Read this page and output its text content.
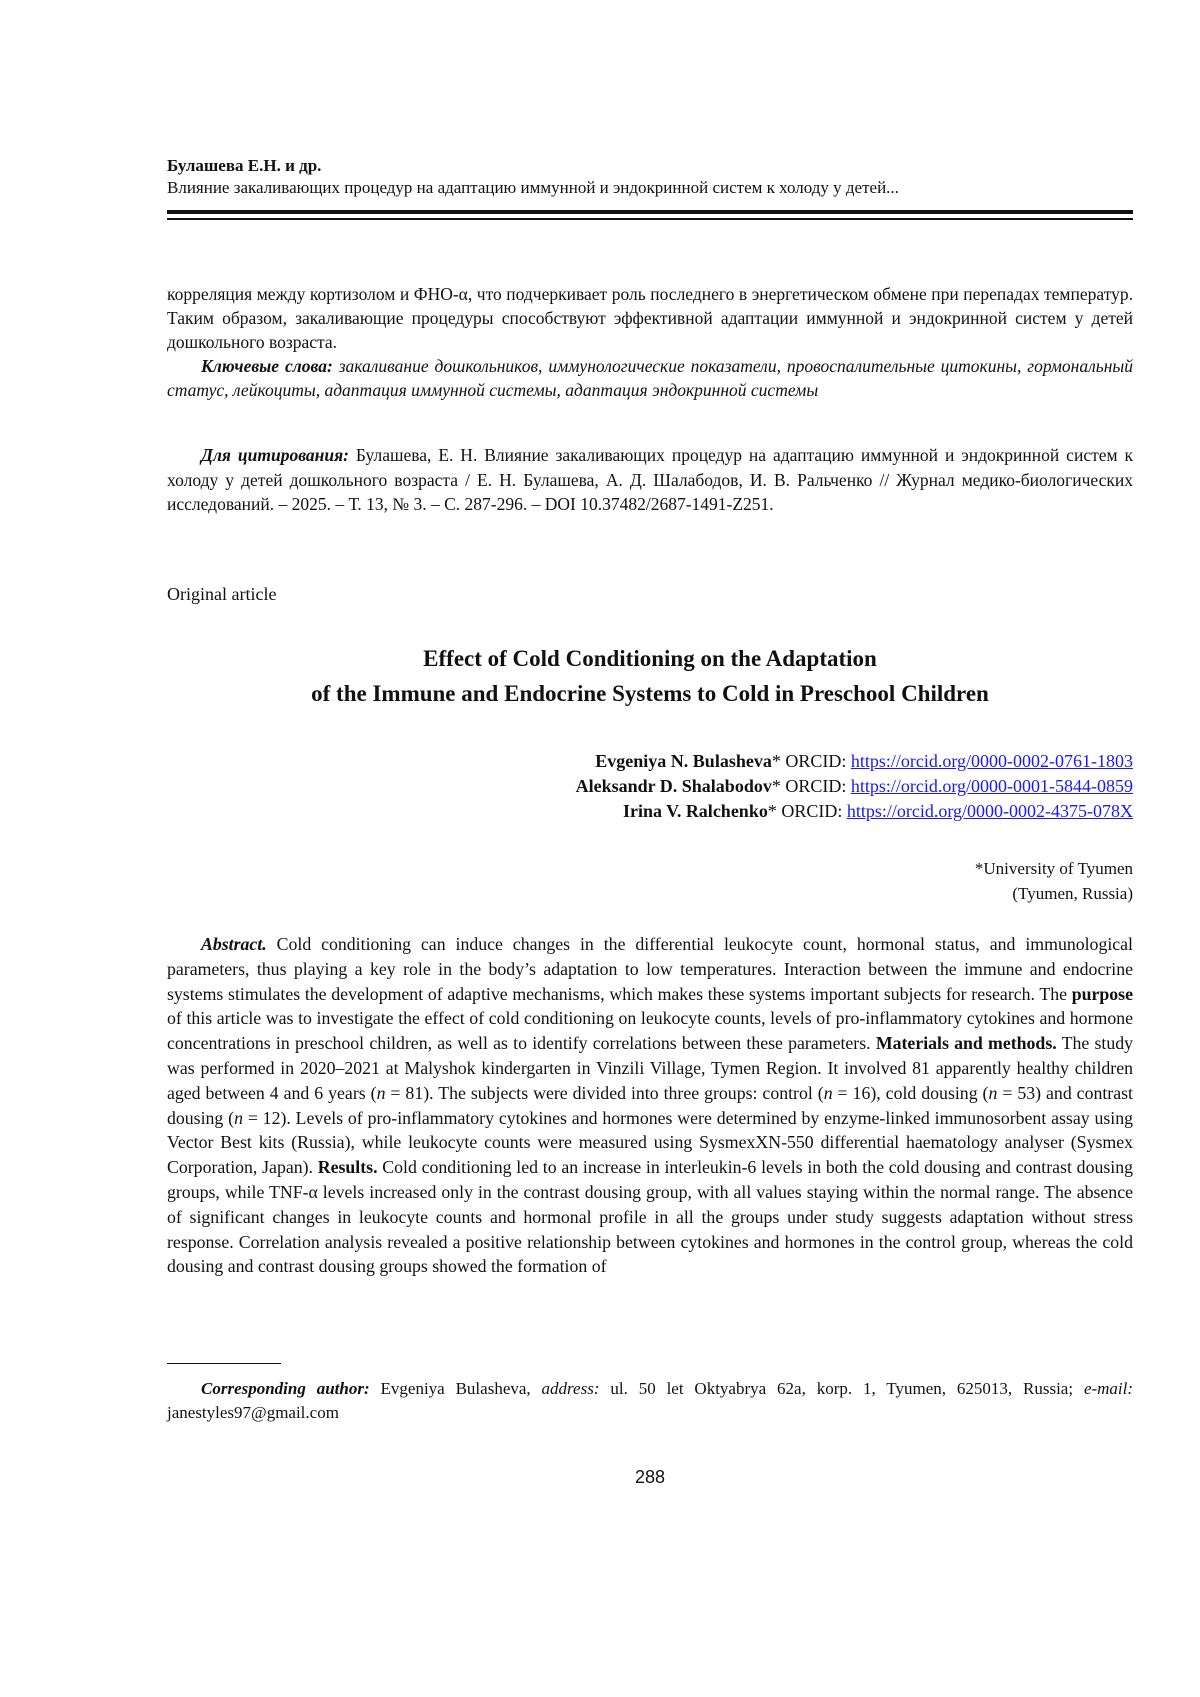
Булашева Е.Н. и др.
Влияние закаливающих процедур на адаптацию иммунной и эндокринной систем к холоду у детей...

корреляция между кортизолом и ФНО-α, что подчеркивает роль последнего в энергетическом обмене при перепадах температур. Таким образом, закаливающие процедуры способствуют эффективной адаптации иммунной и эндокринной систем у детей дошкольного возраста.

Ключевые слова: закаливание дошкольников, иммунологические показатели, провоспалительные цитокины, гормональный статус, лейкоциты, адаптация иммунной системы, адаптация эндокринной системы

Для цитирования: Булашева, Е. Н. Влияние закаливающих процедур на адаптацию иммунной и эндокринной систем к холоду у детей дошкольного возраста / Е. Н. Булашева, А. Д. Шалабодов, И. В. Ральченко // Журнал медико-биологических исследований. – 2025. – Т. 13, № 3. – С. 287-296. – DOI 10.37482/2687-1491-Z251.

Original article
Effect of Cold Conditioning on the Adaptation
of the Immune and Endocrine Systems to Cold in Preschool Children
Evgeniya N. Bulasheva* ORCID: https://orcid.org/0000-0002-0761-1803
Aleksandr D. Shalabodov* ORCID: https://orcid.org/0000-0001-5844-0859
Irina V. Ralchenko* ORCID: https://orcid.org/0000-0002-4375-078X
*University of Tyumen
(Tyumen, Russia)

Abstract. Cold conditioning can induce changes in the differential leukocyte count, hormonal status, and immunological parameters, thus playing a key role in the body’s adaptation to low temperatures. Interaction between the immune and endocrine systems stimulates the development of adaptive mechanisms, which makes these systems important subjects for research. The purpose of this article was to investigate the effect of cold conditioning on leukocyte counts, levels of pro-inflammatory cytokines and hormone concentrations in preschool children, as well as to identify correlations between these parameters. Materials and methods. The study was performed in 2020–2021 at Malyshok kindergarten in Vinzili Village, Tymen Region. It involved 81 apparently healthy children aged between 4 and 6 years (n = 81). The subjects were divided into three groups: control (n = 16), cold dousing (n = 53) and contrast dousing (n = 12). Levels of pro-inflammatory cytokines and hormones were determined by enzyme-linked immunosorbent assay using Vector Best kits (Russia), while leukocyte counts were measured using SysmexXN-550 differential haematology analyser (Sysmex Corporation, Japan). Results. Cold conditioning led to an increase in interleukin-6 levels in both the cold dousing and contrast dousing groups, while TNF-α levels increased only in the contrast dousing group, with all values staying within the normal range. The absence of significant changes in leukocyte counts and hormonal profile in all the groups under study suggests adaptation without stress response. Correlation analysis revealed a positive relationship between cytokines and hormones in the control group, whereas the cold dousing and contrast dousing groups showed the formation of

Corresponding author: Evgeniya Bulasheva, address: ul. 50 let Oktyabrya 62a, korp. 1, Tyumen, 625013, Russia; e-mail: janestyles97@gmail.com

288
